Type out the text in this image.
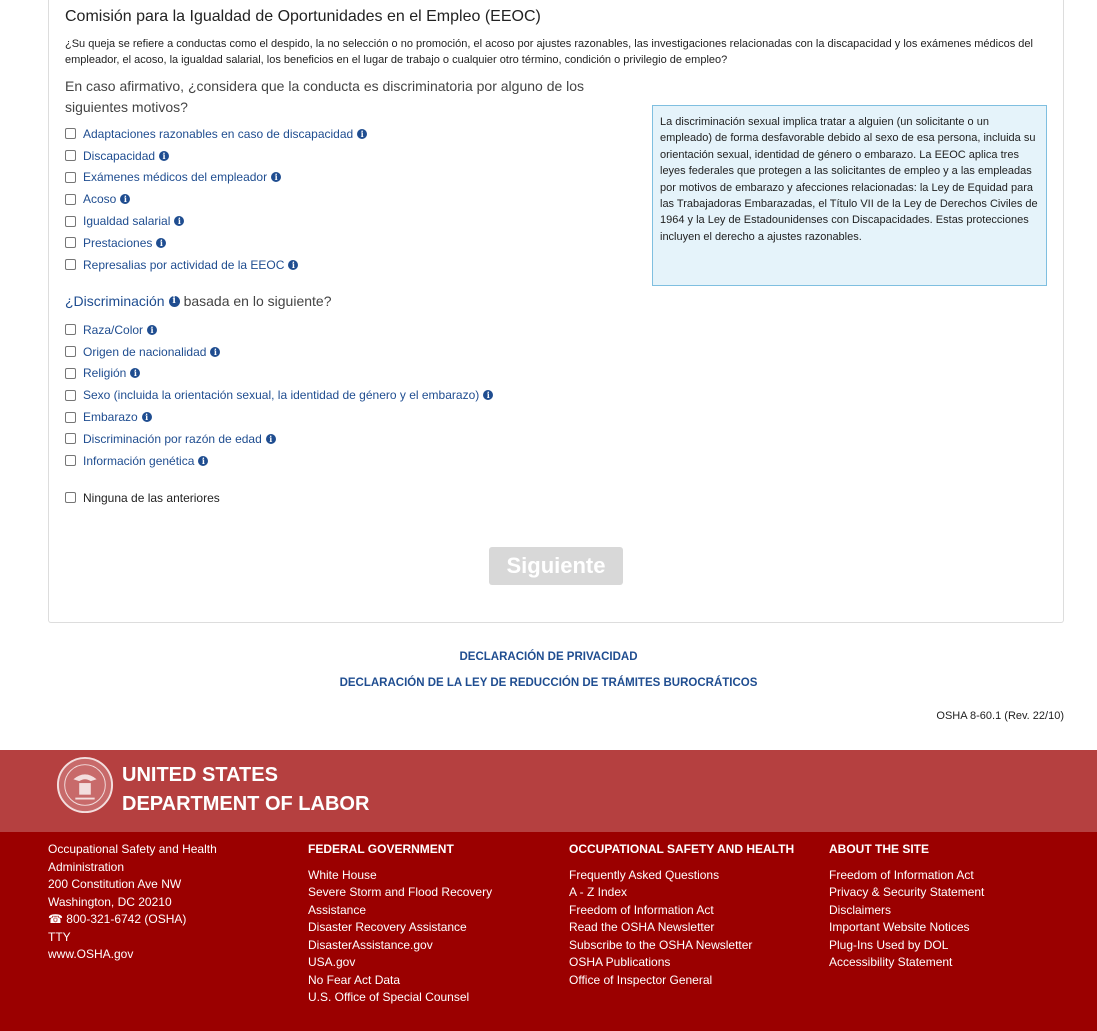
Comisión para la Igualdad de Oportunidades en el Empleo (EEOC)
¿Su queja se refiere a conductas como el despido, la no selección o no promoción, el acoso por ajustes razonables, las investigaciones relacionadas con la discapacidad y los exámenes médicos del empleador, el acoso, la igualdad salarial, los beneficios en el lugar de trabajo o cualquier otro término, condición o privilegio de empleo?
En caso afirmativo, ¿considera que la conducta es discriminatoria por alguno de los siguientes motivos?
Adaptaciones razonables en caso de discapacidad i
Discapacidad i
Exámenes médicos del empleador i
Acoso i
Igualdad salarial i
Prestaciones i
Represalias por actividad de la EEOC i
La discriminación sexual implica tratar a alguien (un solicitante o un empleado) de forma desfavorable debido al sexo de esa persona, incluida su orientación sexual, identidad de género o embarazo. La EEOC aplica tres leyes federales que protegen a las solicitantes de empleo y a las empleadas por motivos de embarazo y afecciones relacionadas: la Ley de Equidad para las Trabajadoras Embarazadas, el Título VII de la Ley de Derechos Civiles de 1964 y la Ley de Estadounidenses con Discapacidades. Estas protecciones incluyen el derecho a ajustes razonables.
¿Discriminación i basada en lo siguiente?
Raza/Color i
Origen de nacionalidad i
Religión i
Sexo (incluida la orientación sexual, la identidad de género y el embarazo) i
Embarazo i
Discriminación por razón de edad i
Información genética i
Ninguna de las anteriores
Siguiente
DECLARACIÓN DE PRIVACIDAD
DECLARACIÓN DE LA LEY DE REDUCCIÓN DE TRÁMITES BUROCRÁTICOS
OSHA 8-60.1 (Rev. 22/10)
UNITED STATES
DEPARTMENT OF LABOR
Occupational Safety and Health
Administration
200 Constitution Ave NW
Washington, DC 20210
☎ 800-321-6742 (OSHA)
TTY
www.OSHA.gov
FEDERAL GOVERNMENT
White House
Severe Storm and Flood Recovery Assistance
Disaster Recovery Assistance
DisasterAssistance.gov
USA.gov
No Fear Act Data
U.S. Office of Special Counsel
OCCUPATIONAL SAFETY AND HEALTH
Frequently Asked Questions
A - Z Index
Freedom of Information Act
Read the OSHA Newsletter
Subscribe to the OSHA Newsletter
OSHA Publications
Office of Inspector General
ABOUT THE SITE
Freedom of Information Act
Privacy & Security Statement
Disclaimers
Important Website Notices
Plug-Ins Used by DOL
Accessibility Statement
